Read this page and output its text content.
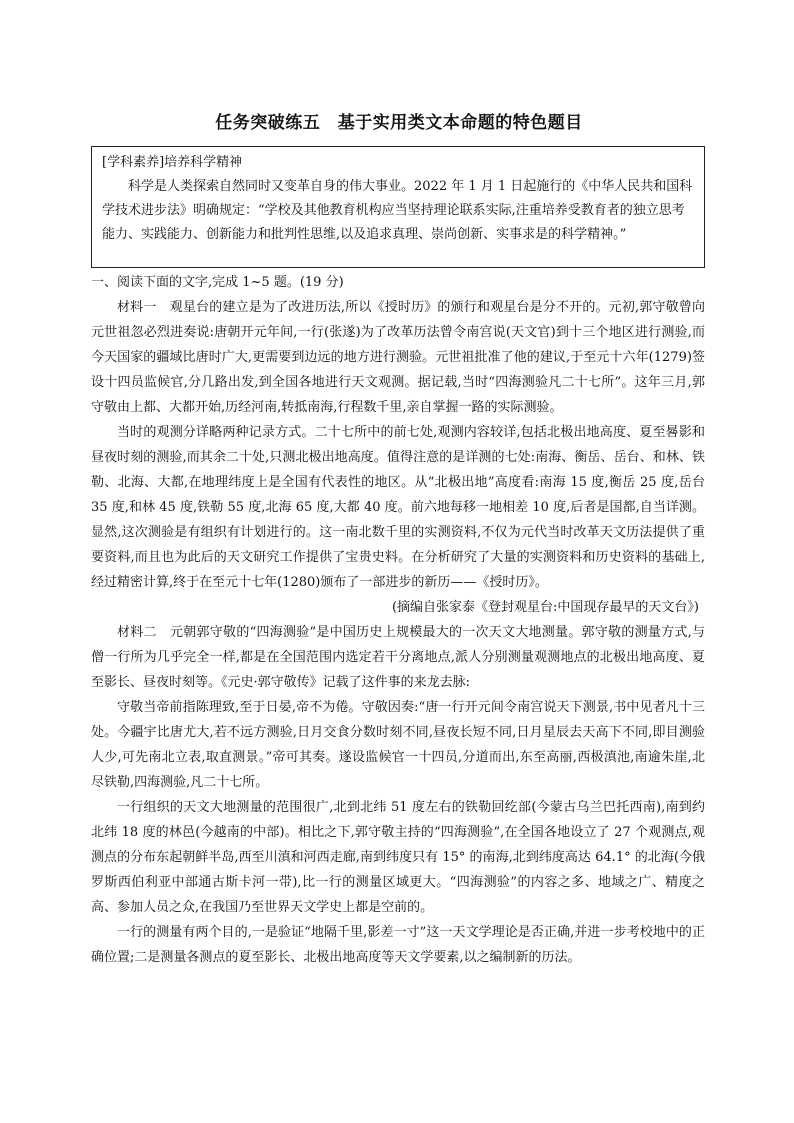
任务突破练五　基于实用类文本命题的特色题目

[学科素养]培养科学精神

科学是人类探索自然同时又变革自身的伟大事业。2022 年 1 月 1 日起施行的《中华人民共和国科学技术进步法》明确规定：“学校及其他教育机构应当坚持理论联系实际,注重培养受教育者的独立思考能力、实践能力、创新能力和批判性思维,以及追求真理、崇尚创新、实事求是的科学精神。”

一、阅读下面的文字,完成 1~5 题。(19 分)

材料一　观星台的建立是为了改进历法,所以《授时历》的颁行和观星台是分不开的。元初,郭守敬曾向元世祖忽必烈进奏说:唐朝开元年间,一行(张遂)为了改革历法曾令南宫说(天文官)到十三个地区进行测验,而今天国家的疆域比唐时广大,更需要到边远的地方进行测验。元世祖批准了他的建议,于至元十六年(1279)签设十四员监候官,分几路出发,到全国各地进行天文观测。据记载,当时“四海测验凡二十七所”。这年三月,郭守敬由上都、大都开始,历经河南,转抵南海,行程数千里,亲自掌握一路的实际测验。

当时的观测分详略两种记录方式。二十七所中的前七处,观测内容较详,包括北极出地高度、夏至晷影和昼夜时刻的测验,而其余二十处,只测北极出地高度。值得注意的是详测的七处:南海、衡岳、岳台、和林、铁勒、北海、大都,在地理纬度上是全国有代表性的地区。从“北极出地”高度看:南海 15 度,衡岳 25 度,岳台 35 度,和林 45 度,铁勒 55 度,北海 65 度,大都 40 度。前六地每移一地相差 10 度,后者是国都,自当详测。显然,这次测验是有组织有计划进行的。这一南北数千里的实测资料,不仅为元代当时改革天文历法提供了重要资料,而且也为此后的天文研究工作提供了宝贵史料。在分析研究了大量的实测资料和历史资料的基础上,经过精密计算,终于在至元十七年(1280)颁布了一部进步的新历——《授时历》。

(摘编自张家泰《登封观星台:中国现存最早的天文台》)

材料二　元朝郭守敬的“四海测验”是中国历史上规模最大的一次天文大地测量。郭守敬的测量方式,与僧一行所为几乎完全一样,都是在全国范围内选定若干分离地点,派人分别测量观测地点的北极出地高度、夏至影长、昼夜时刻等。《元史·郭守敬传》记载了这件事的来龙去脉:

守敬当帝前指陈理致,至于日晏,帝不为倦。守敬因奏:“唐一行开元间令南宫说天下测景,书中见者凡十三处。今疆宇比唐尤大,若不远方测验,日月交食分数时刻不同,昼夜长短不同,日月星辰去天高下不同,即目测验人少,可先南北立表,取直测景。”帝可其奏。遂设监候官一十四员,分道而出,东至高丽,西极滇池,南逾朱崖,北尽铁勒,四海测验,凡二十七所。

一行组织的天文大地测量的范围很广,北到北纬 51 度左右的铁勒回纥部(今蒙古乌兰巴托西南),南到约北纬 18 度的林邑(今越南的中部)。相比之下,郭守敬主持的“四海测验”,在全国各地设立了 27 个观测点,观测点的分布东起朝鲜半岛,西至川滇和河西走廊,南到纬度只有 15° 的南海,北到纬度高达 64.1° 的北海(今俄罗斯西伯利亚中部通古斯卡河一带),比一行的测量区域更大。“四海测验”的内容之多、地域之广、精度之高、参加人员之众,在我国乃至世界天文学史上都是空前的。

一行的测量有两个目的,一是验证“地隔千里,影差一寸”这一天文学理论是否正确,并进一步考校地中的正确位置;二是测量各测点的夏至影长、北极出地高度等天文学要素,以之编制新的历法。
